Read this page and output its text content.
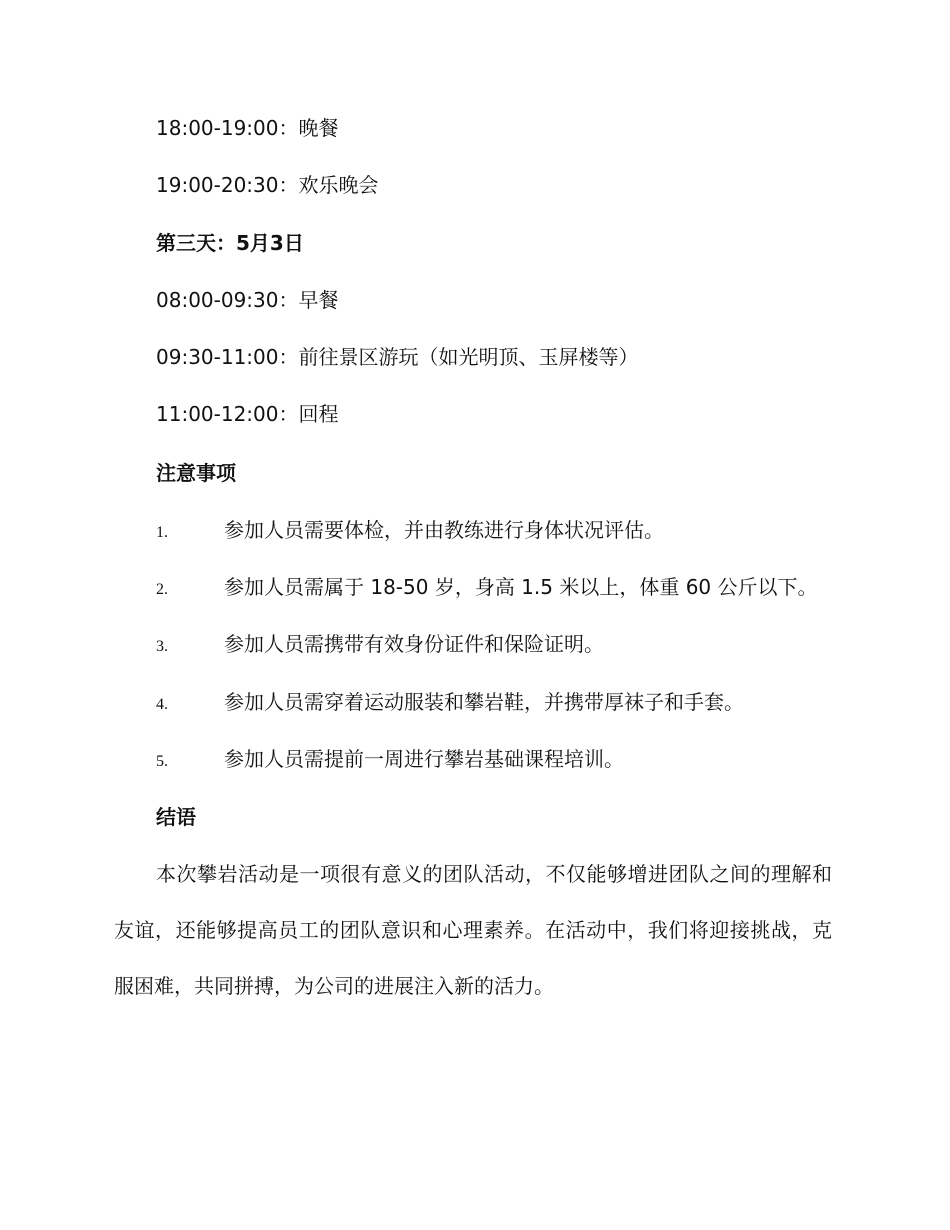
18:00-19:00：晚餐
19:00-20:30：欢乐晚会
第三天：5月3日
08:00-09:30：早餐
09:30-11:00：前往景区游玩（如光明顶、玉屏楼等）
11:00-12:00：回程
注意事项
1.	参加人员需要体检，并由教练进行身体状况评估。
2.	参加人员需属于 18-50 岁，身高 1.5 米以上，体重 60 公斤以下。
3.	参加人员需携带有效身份证件和保险证明。
4.	参加人员需穿着运动服装和攀岩鞋，并携带厚袜子和手套。
5.	参加人员需提前一周进行攀岩基础课程培训。
结语
本次攀岩活动是一项很有意义的团队活动，不仅能够增进团队之间的理解和友谊，还能够提高员工的团队意识和心理素养。在活动中，我们将迎接挑战，克服困难，共同拼搏，为公司的进展注入新的活力。
